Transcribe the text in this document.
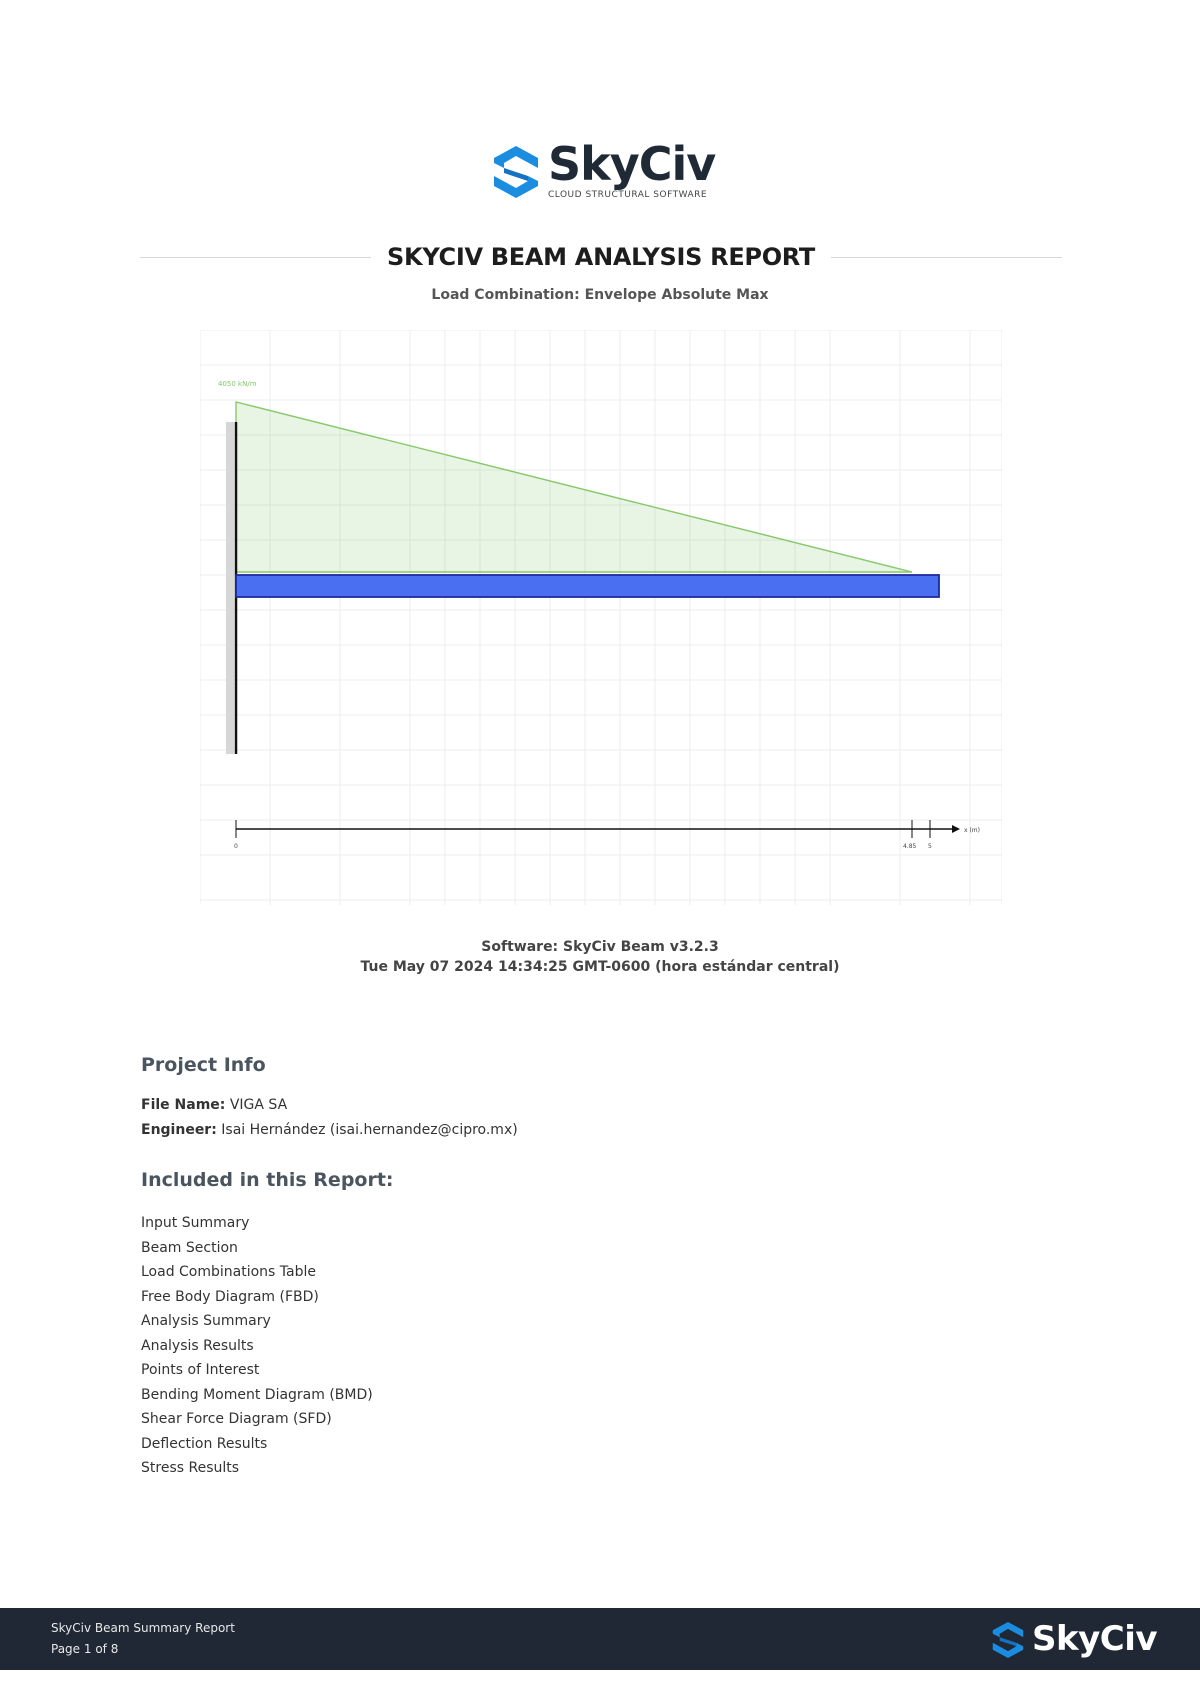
SkyCiv
CLOUD STRUCTURAL SOFTWARE
SKYCIV BEAM ANALYSIS REPORT
Load Combination: Envelope Absolute Max
4050 kN/m
0	4.85 5
x (m)
Software: SkyCiv Beam v3.2.3
Tue May 07 2024 14:34:25 GMT-0600 (hora estándar central)
Project Info
File Name: VIGA SA
Engineer: Isai Hernández (isai.hernandez@cipro.mx)
Included in this Report:
Input Summary
Beam Section
Load Combinations Table
Free Body Diagram (FBD)
Analysis Summary
Analysis Results
Points of Interest
Bending Moment Diagram (BMD)
Shear Force Diagram (SFD)
Deflection Results
Stress Results
SkyCiv Beam Summary Report
Page 1 of 8	SkyCiv
